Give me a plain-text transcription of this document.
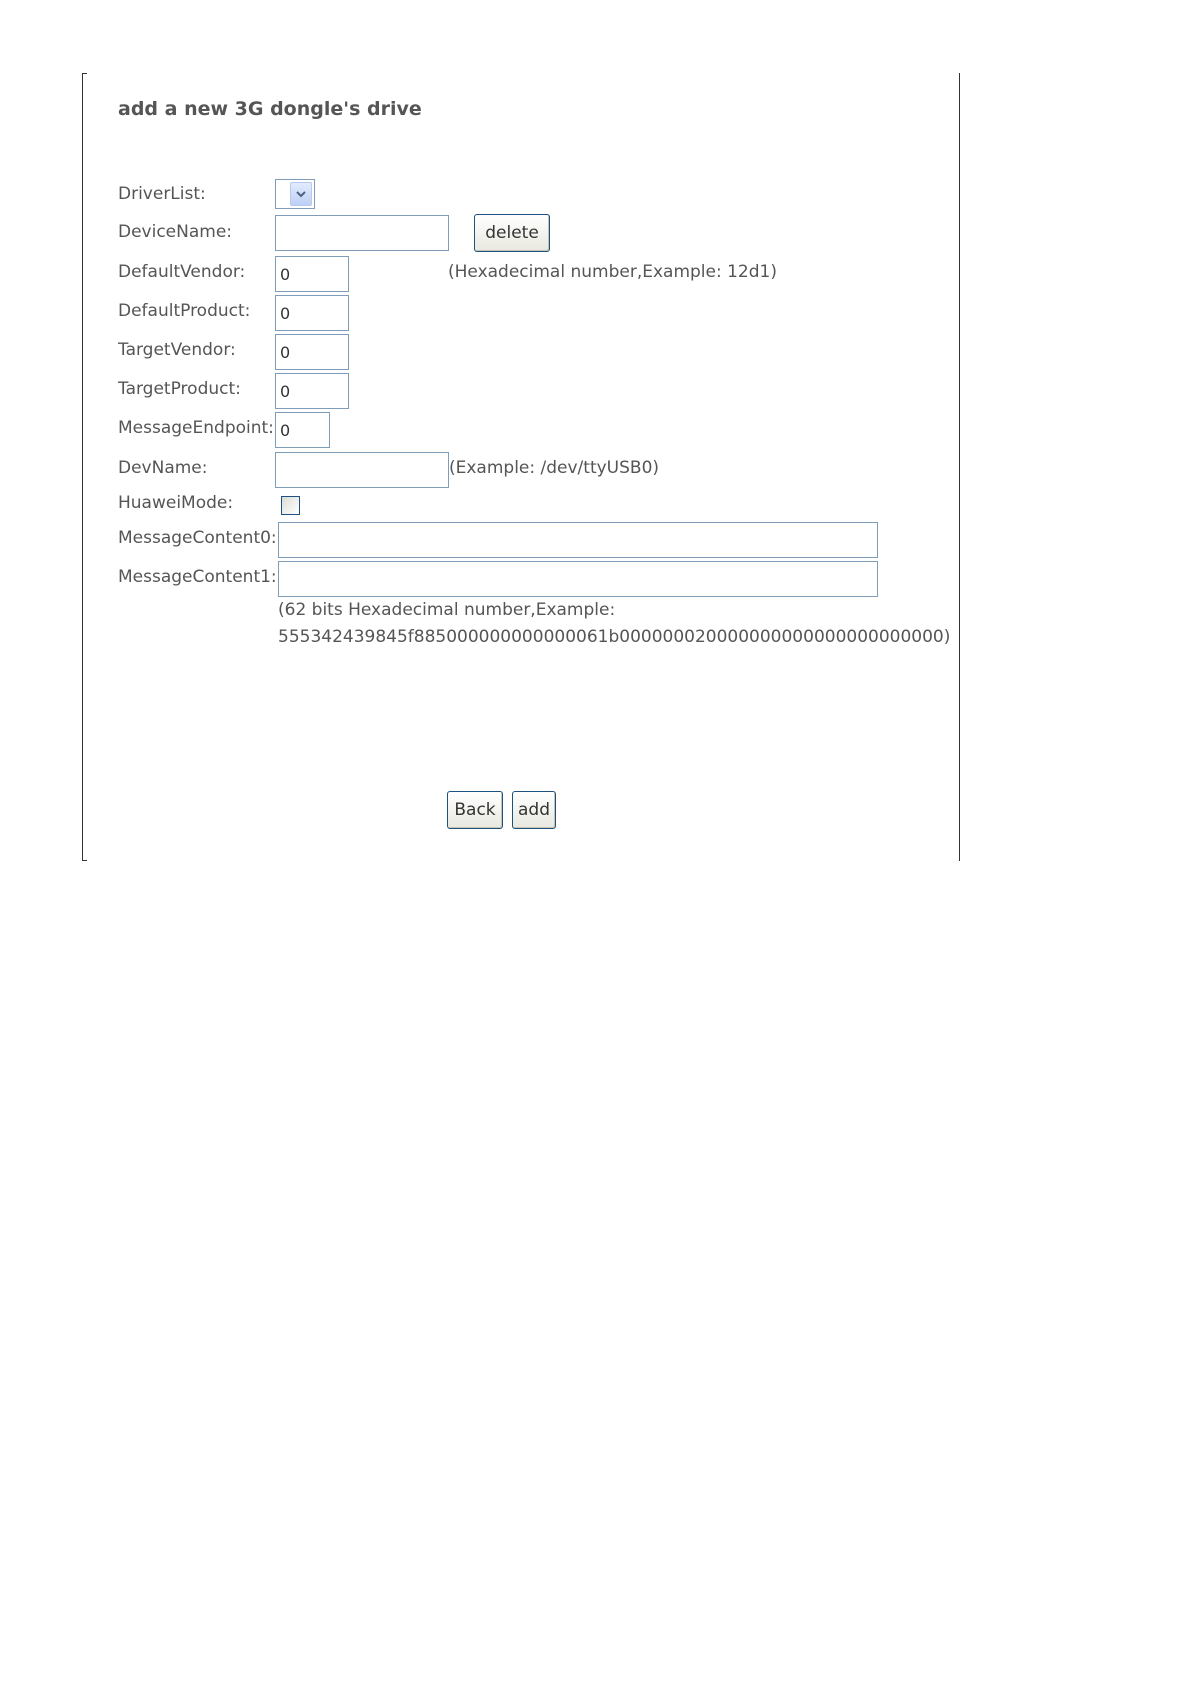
add a new 3G dongle's drive
DriverList:
DeviceName:	delete
DefaultVendor:
0	(Hexadecimal number,Example: 12d1)
DefaultProduct:
0
TargetVendor:
0
TargetProduct:
0
MessageEndpoint:
0
DevName:	(Example: /dev/ttyUSB0)
HuaweiMode:
MessageContent0:
MessageContent1:
(62 bits Hexadecimal number,Example:
555342439845f885000000000000061b000000020000000000000000000000)
Back	add
